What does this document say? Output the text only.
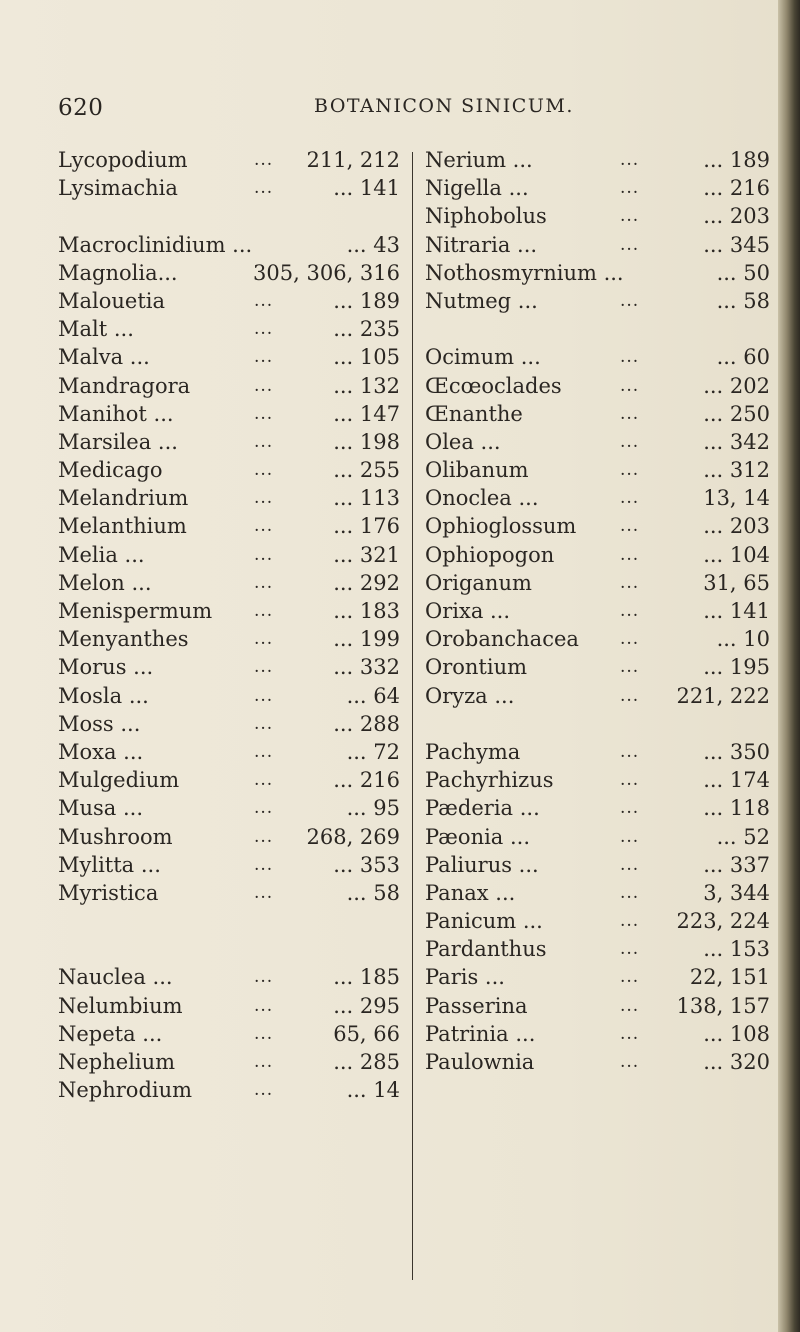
620	BOTANICON SINICUM.
Lycopodium	... 211, 212
Lysimachia	...	... 141
Macroclinidium ...	... 43
Magnolia...	305, 306, 316
Malouetia	...	... 189
Malt ...	...	... 235
Malva ...	...	... 105
Mandragora	...	... 132
Manihot ...	...	... 147
Marsilea ...	...	... 198
Medicago	...	... 255
Melandrium	...	... 113
Melanthium	...	... 176
Melia ...	...	... 321
Melon ...	...	... 292
Menispermum ...	... 183
Menyanthes	...	... 199
Morus ...	...	... 332
Mosla ...	...	... 64
Moss ...	...	... 288
Moxa ...	...	... 72
Mulgedium	...	... 216
Musa ...	...	... 95
Mushroom	... 268, 269
Mylitta ...	...	... 353
Myristica	...	... 58
Nauclea ...	...	... 185
Nelumbium	...	... 295
Nepeta ...	...	65, 66
Nephelium	...	... 285
Nephrodium	...	... 14
Nerium ...	...	... 189
Nigella ...	...	... 216
Niphobolus	...	... 203
Nitraria ...	...	... 345
Nothosmyrnium ...	... 50
Nutmeg ...	...	... 58
Ocimum ...	...	... 60
Œcœoclades	...	... 202
Œnanthe	...	... 250
Olea ...	...	... 342
Olibanum	...	... 312
Onoclea ...	...	13, 14
Ophioglossum	...	... 203
Ophiopogon	...	... 104
Origanum	...	31, 65
Orixa ...	...	... 141
Orobanchacea ...	... 10
Orontium	...	... 195
Oryza ...	... 221, 222
Pachyma	...	... 350
Pachyrhizus	...	... 174
Pæderia ...	...	... 118
Pæonia ...	...	... 52
Paliurus ...	...	... 337
Panax ...	...	3, 344
Panicum ...	... 223, 224
Pardanthus	...	... 153
Paris ...	... 22, 151
Passerina	... 138, 157
Patrinia ...	...	... 108
Paulownia	...	... 320
